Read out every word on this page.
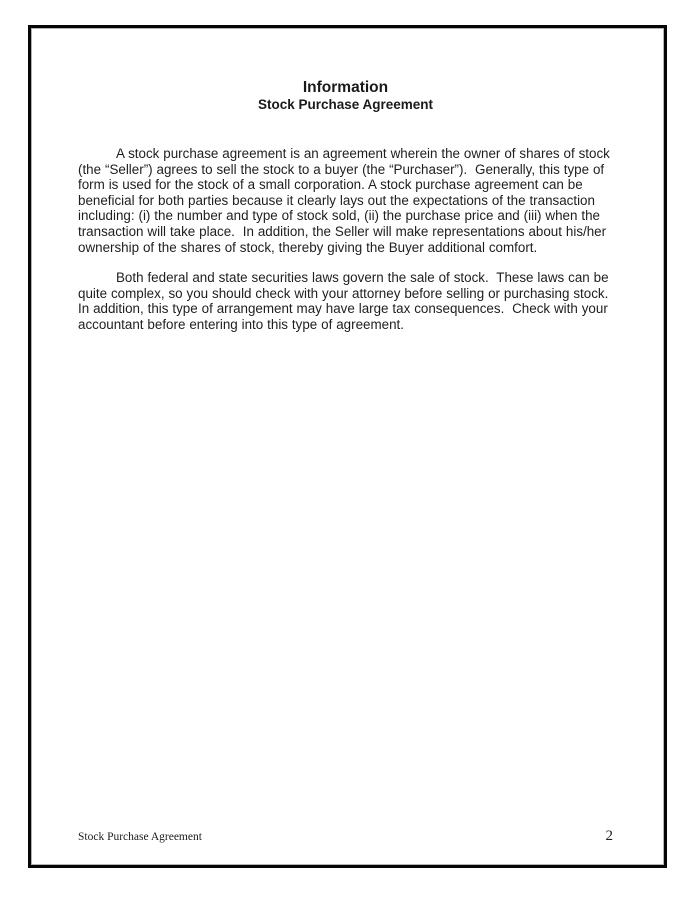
Information
Stock Purchase Agreement

A stock purchase agreement is an agreement wherein the owner of shares of stock (the “Seller”) agrees to sell the stock to a buyer (the “Purchaser”).  Generally, this type of form is used for the stock of a small corporation. A stock purchase agreement can be beneficial for both parties because it clearly lays out the expectations of the transaction including: (i) the number and type of stock sold, (ii) the purchase price and (iii) when the transaction will take place.  In addition, the Seller will make representations about his/her ownership of the shares of stock, thereby giving the Buyer additional comfort.

Both federal and state securities laws govern the sale of stock.  These laws can be quite complex, so you should check with your attorney before selling or purchasing stock.  In addition, this type of arrangement may have large tax consequences.  Check with your accountant before entering into this type of agreement.

Stock Purchase Agreement	2
